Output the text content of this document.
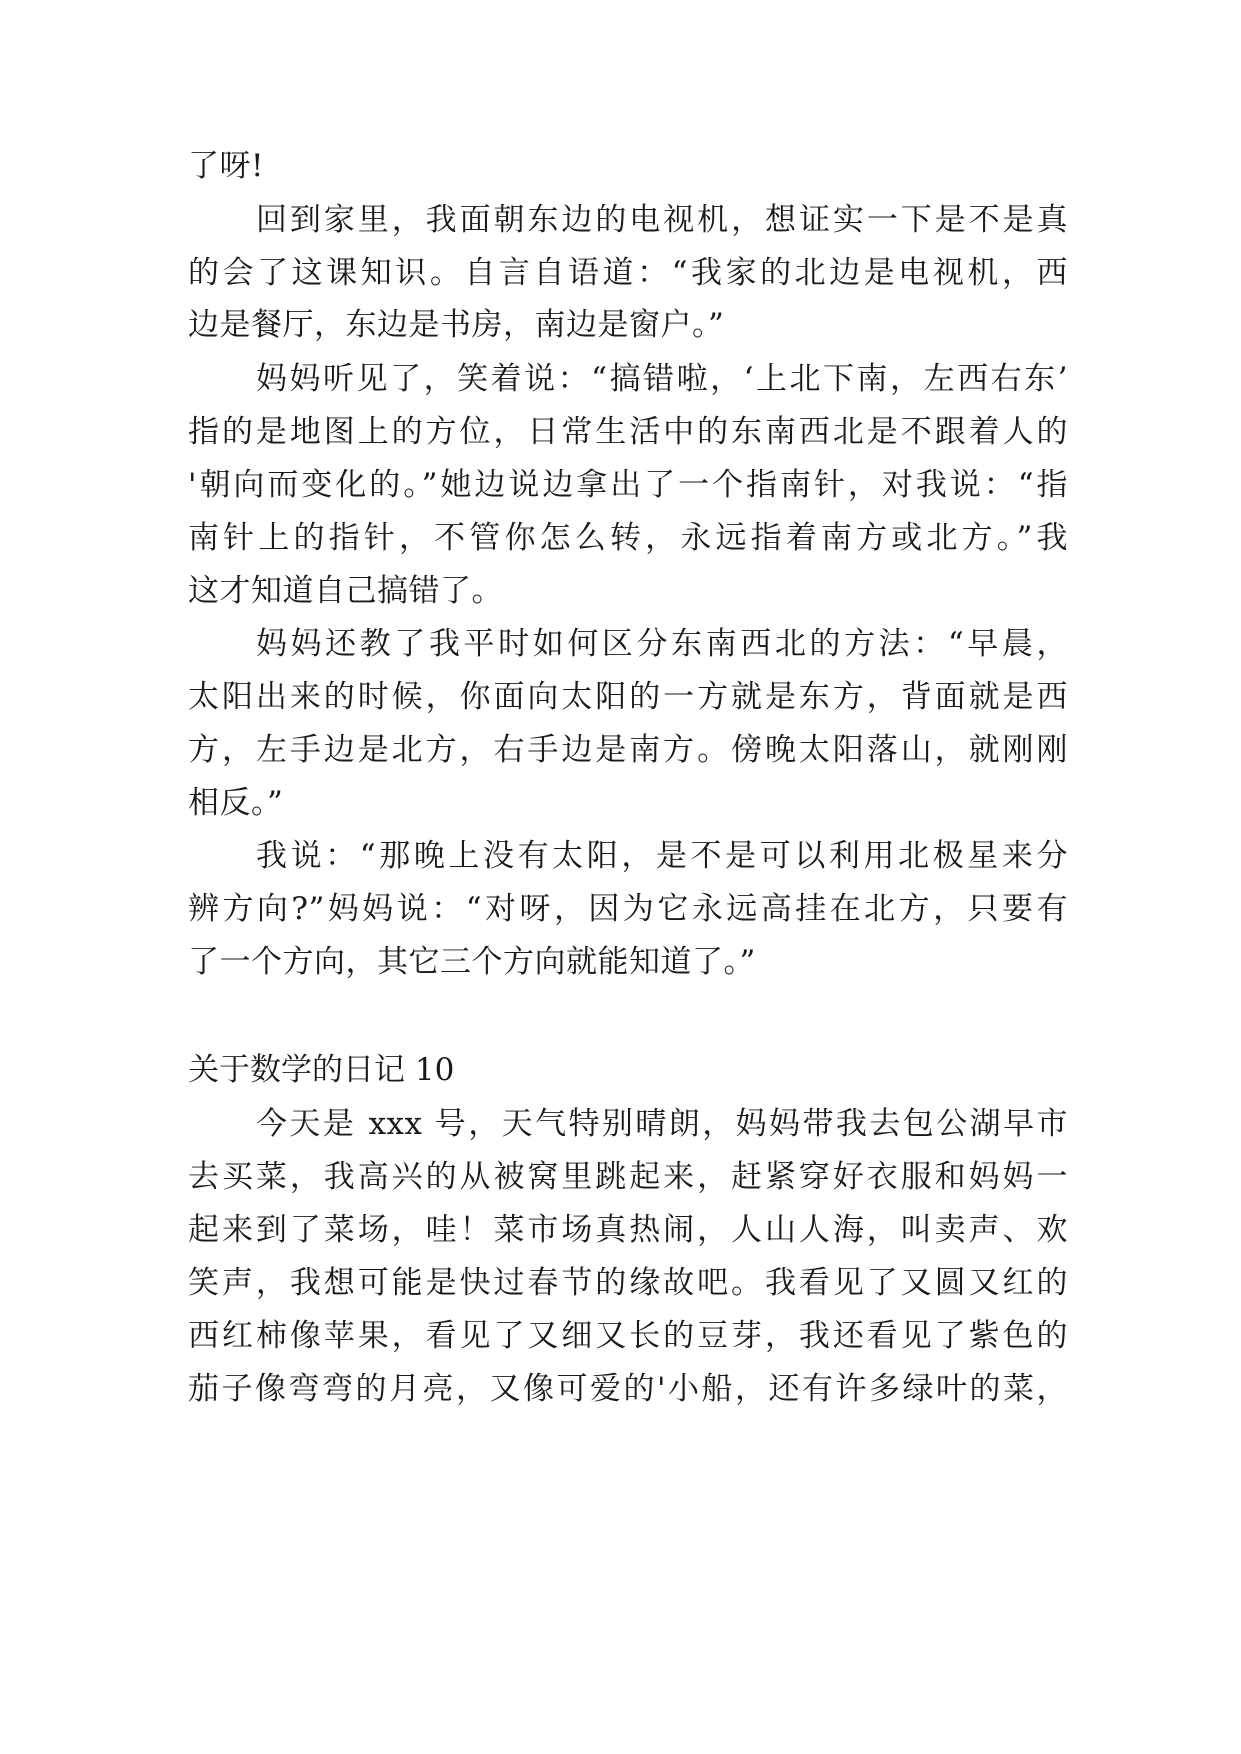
了呀!
回到家里，我面朝东边的电视机，想证实一下是不是真
的会了这课知识。自言自语道：“我家的北边是电视机，西
边是餐厅，东边是书房，南边是窗户。”
妈妈听见了，笑着说：“搞错啦，‘上北下南，左西右东’
指的是地图上的方位，日常生活中的东南西北是不跟着人的
'朝向而变化的。”她边说边拿出了一个指南针，对我说：“指
南针上的指针，不管你怎么转，永远指着南方或北方。”我
这才知道自己搞错了。
妈妈还教了我平时如何区分东南西北的方法：“早晨，
太阳出来的时候，你面向太阳的一方就是东方，背面就是西
方，左手边是北方，右手边是南方。傍晚太阳落山，就刚刚
相反。”
我说：“那晚上没有太阳，是不是可以利用北极星来分
辨方向?”妈妈说：“对呀，因为它永远高挂在北方，只要有
了一个方向，其它三个方向就能知道了。”
关于数学的日记 10
今天是 xxx 号，天气特别晴朗，妈妈带我去包公湖早市
去买菜，我高兴的从被窝里跳起来，赶紧穿好衣服和妈妈一
起来到了菜场，哇！菜市场真热闹，人山人海，叫卖声、欢
笑声，我想可能是快过春节的缘故吧。我看见了又圆又红的
西红柿像苹果，看见了又细又长的豆芽，我还看见了紫色的
茄子像弯弯的月亮，又像可爱的'小船，还有许多绿叶的菜，
